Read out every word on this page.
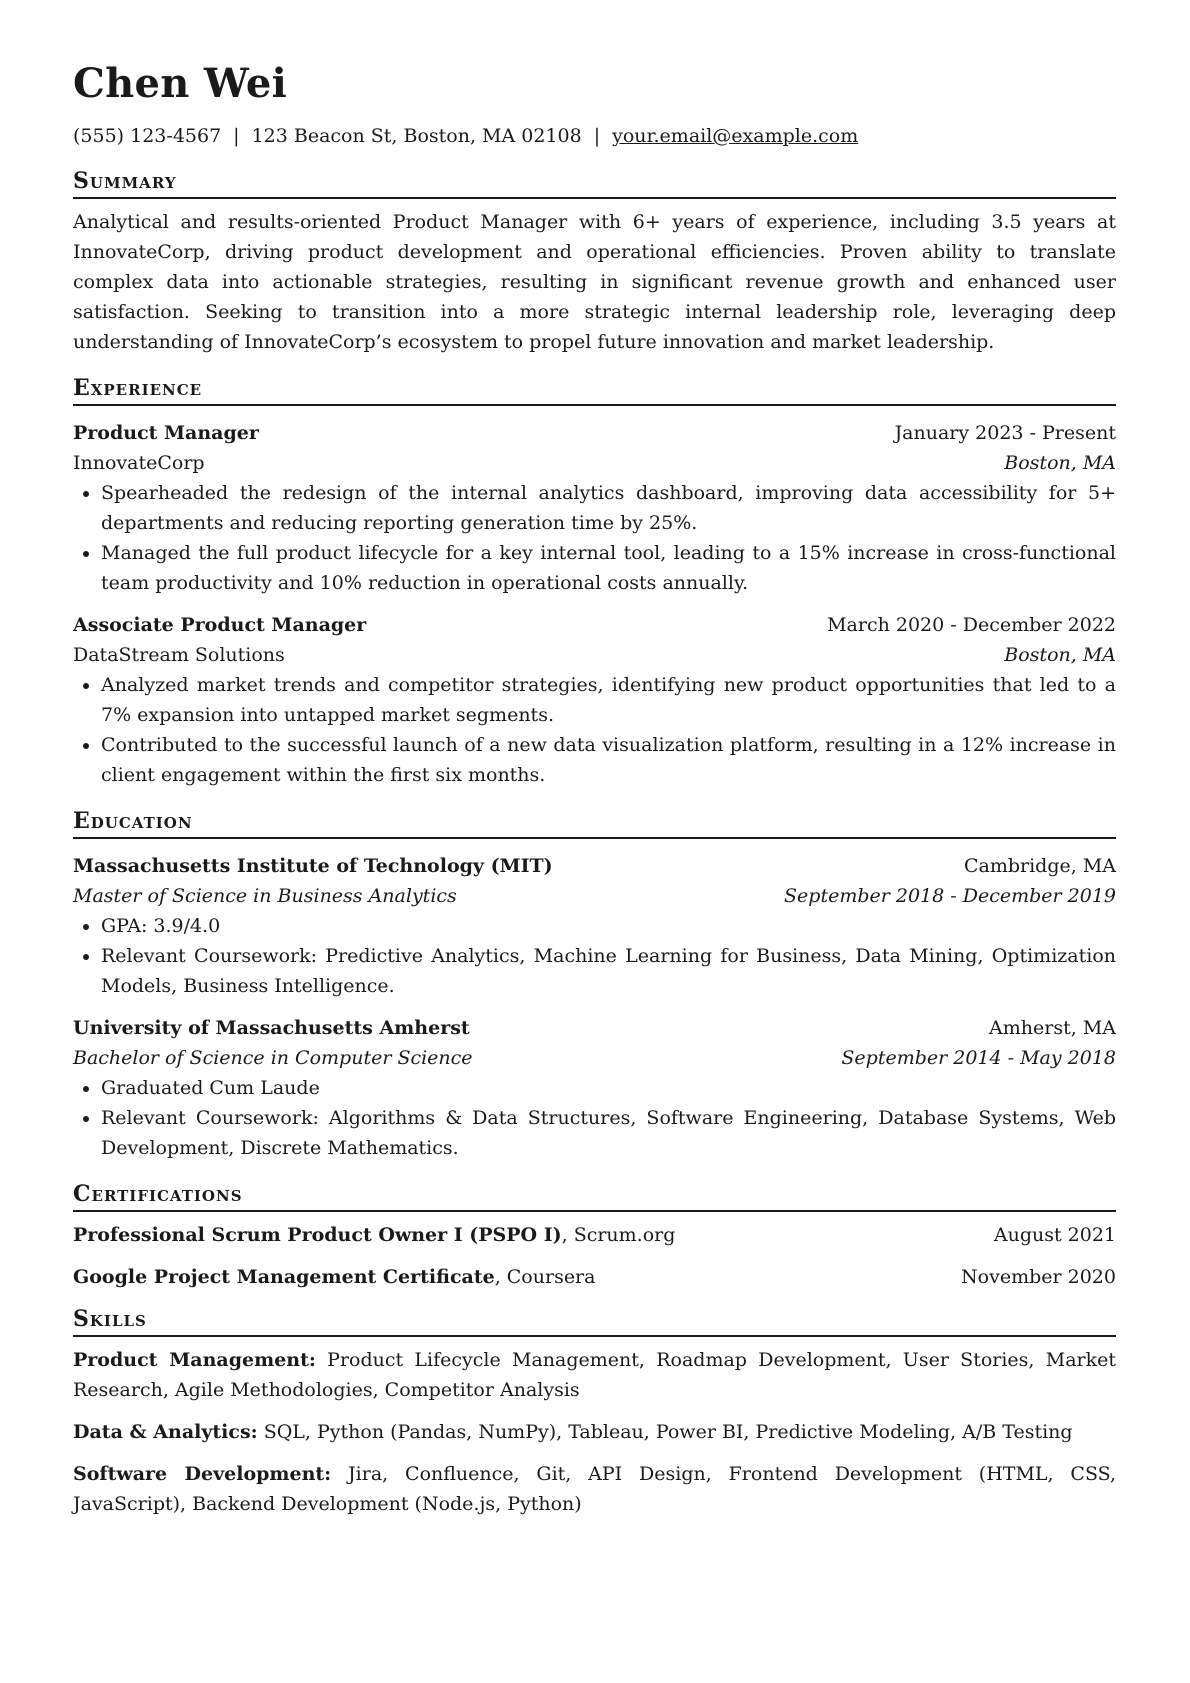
Chen Wei
(555) 123-4567 | 123 Beacon St, Boston, MA 02108 | your.email@example.com
Summary

Analytical and results-oriented Product Manager with 6+ years of experience, including 3.5 years at InnovateCorp, driving product development and operational efficiencies. Proven ability to translate complex data into actionable strategies, resulting in significant revenue growth and enhanced user satisfaction. Seeking to transition into a more strategic internal leadership role, leveraging deep understanding of InnovateCorp’s ecosystem to propel future innovation and market leadership.

Experience
Product Manager	January 2023 - Present
InnovateCorp	Boston, MA
• Spearheaded the redesign of the internal analytics dashboard, improving data accessibility for 5+ departments and reducing reporting generation time by 25%.
• Managed the full product lifecycle for a key internal tool, leading to a 15% increase in cross-functional team productivity and 10% reduction in operational costs annually.
Associate Product Manager	March 2020 - December 2022
DataStream Solutions	Boston, MA
• Analyzed market trends and competitor strategies, identifying new product opportunities that led to a 7% expansion into untapped market segments.
• Contributed to the successful launch of a new data visualization platform, resulting in a 12% increase in client engagement within the first six months.
Education
Massachusetts Institute of Technology (MIT)	Cambridge, MA
Master of Science in Business Analytics	September 2018 - December 2019
• GPA: 3.9/4.0
• Relevant Coursework: Predictive Analytics, Machine Learning for Business, Data Mining, Optimization Models, Business Intelligence.
University of Massachusetts Amherst	Amherst, MA
Bachelor of Science in Computer Science	September 2014 - May 2018
• Graduated Cum Laude
• Relevant Coursework: Algorithms & Data Structures, Software Engineering, Database Systems, Web Development, Discrete Mathematics.
Certifications
Professional Scrum Product Owner I (PSPO I), Scrum.org	August 2021
Google Project Management Certificate, Coursera	November 2020
Skills
Product Management: Product Lifecycle Management, Roadmap Development, User Stories, Market Research, Agile Methodologies, Competitor Analysis
Data & Analytics: SQL, Python (Pandas, NumPy), Tableau, Power BI, Predictive Modeling, A/B Testing
Software Development: Jira, Confluence, Git, API Design, Frontend Development (HTML, CSS, JavaScript), Backend Development (Node.js, Python)
